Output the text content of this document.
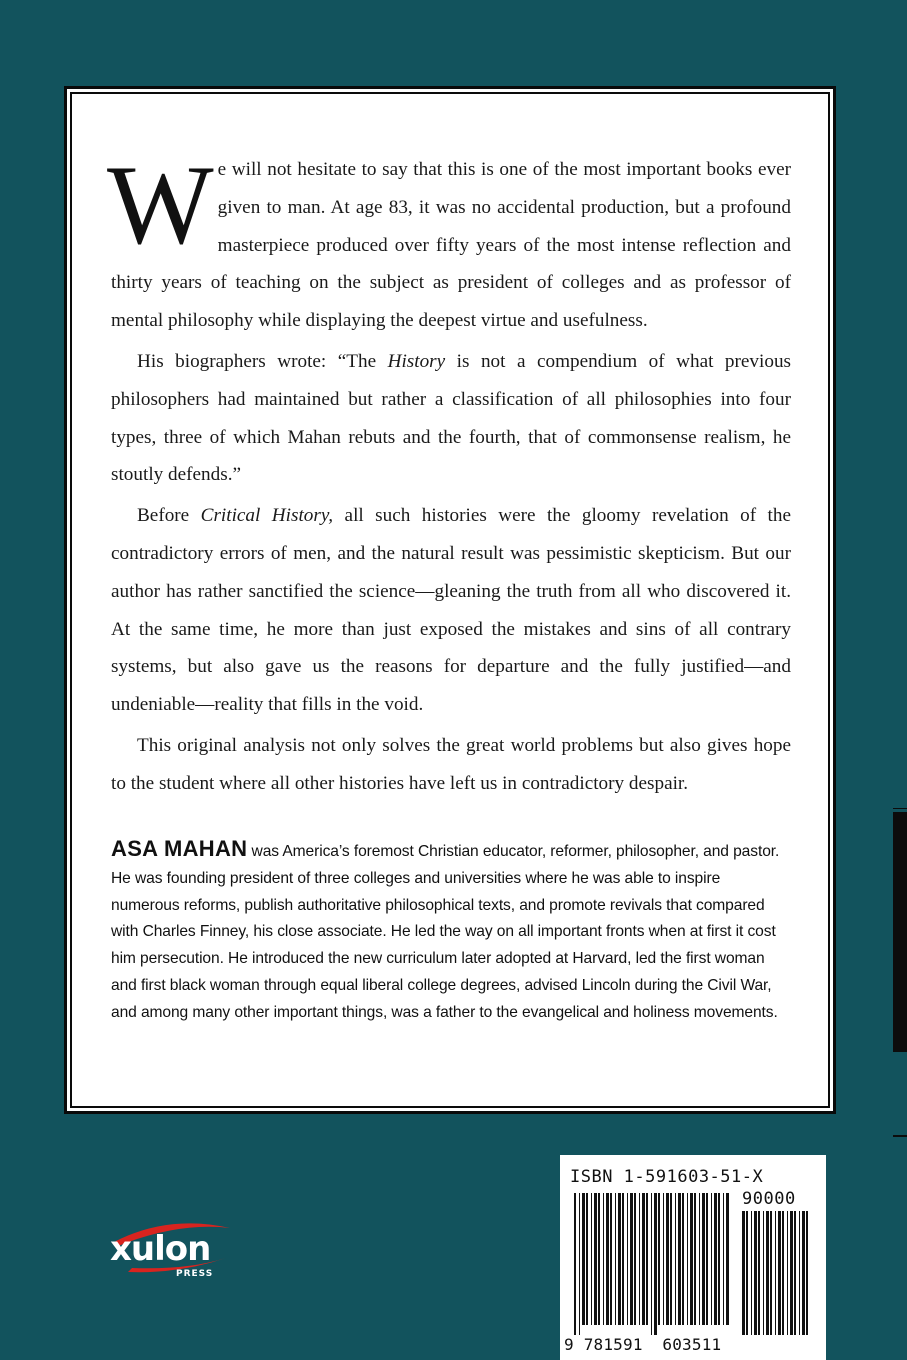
We will not hesitate to say that this is one of the most important books ever given to man. At age 83, it was no accidental production, but a profound masterpiece produced over fifty years of the most intense reflection and thirty years of teaching on the subject as president of colleges and as professor of mental philosophy while displaying the deepest virtue and usefulness.

His biographers wrote: “The History is not a compendium of what previous philosophers had maintained but rather a classification of all philosophies into four types, three of which Mahan rebuts and the fourth, that of commonsense realism, he stoutly defends.”

Before Critical History, all such histories were the gloomy revelation of the contradictory errors of men, and the natural result was pessimistic skepticism. But our author has rather sanctified the science—gleaning the truth from all who discovered it. At the same time, he more than just exposed the mistakes and sins of all contrary systems, but also gave us the reasons for departure and the fully justified—and undeniable—reality that fills in the void.

This original analysis not only solves the great world problems but also gives hope to the student where all other histories have left us in contradictory despair.

ASA MAHAN was America’s foremost Christian educator, reformer, philosopher, and pastor. He was founding president of three colleges and universities where he was able to inspire numerous reforms, publish authoritative philosophical texts, and promote revivals that compared with Charles Finney, his close associate. He led the way on all important fronts when at first it cost him persecution. He introduced the new curriculum later adopted at Harvard, led the first woman and first black woman through equal liberal college degrees, advised Lincoln during the Civil War, and among many other important things, was a father to the evangelical and holiness movements.
xulon
PRESS
ISBN 1-591603-51-X
90000
9 781591 603511
